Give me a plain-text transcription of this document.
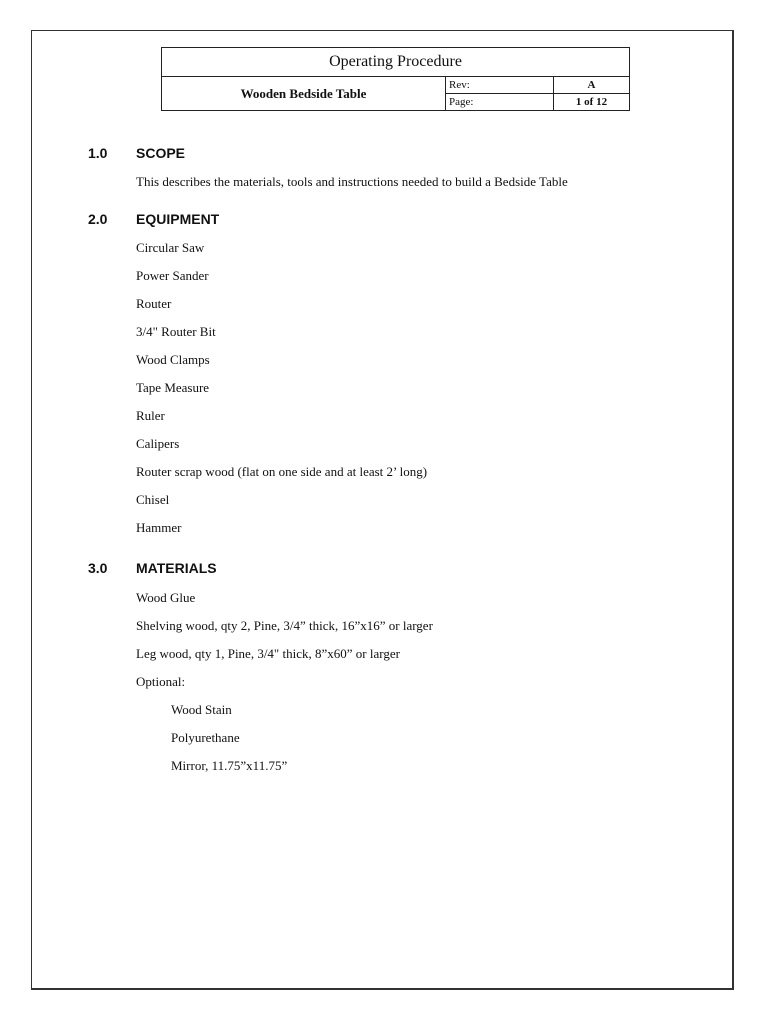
Operating Procedure		
Wooden Bedside Table	Rev:	A
	Page:	1 of 12
1.0 SCOPE
This describes the materials, tools and instructions needed to build a Bedside Table
2.0 EQUIPMENT
Circular Saw
Power Sander
Router
3/4" Router Bit
Wood Clamps
Tape Measure
Ruler
Calipers
Router scrap wood (flat on one side and at least 2’ long)
Chisel
Hammer
3.0 MATERIALS
Wood Glue
Shelving wood, qty 2, Pine, 3/4” thick, 16”x16” or larger
Leg wood, qty 1, Pine, 3/4" thick, 8”x60” or larger
Optional:
Wood Stain
Polyurethane
Mirror, 11.75”x11.75”
